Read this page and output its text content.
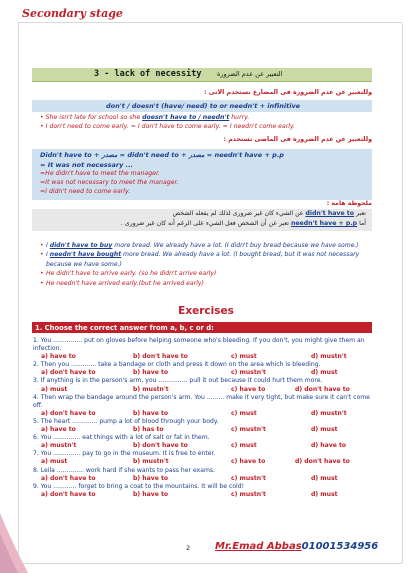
Secondary stage
3 - lack of necessity التعبير عن عدم الضرورة
وللتعبير عن عدم الضرورة فى المضارع نستخدم الاتى :
don't / doesn't (have/ need) to or needn't + infinitive
• She isn't late for school so she doesn't have to / needn't hurry.
• I don't need to come early. = I don't have to come early. = I needn't come early.
وللتعبير عن عدم الضرورة فى الماضى نستخدم :
Didn't have to + مصدر = didn't need to + مصدر = needn't have + p.p
= It was not necessary ...
≈He didn't have to meet the manager.
≈It was not necessary to meet the manager.
≈I didn't need to come early.
ملحوظة هامة :
تعبر didn't have to عن الشيء كان غير ضرورى لذلك لم يفعله الشخص
أما needn't have + p.p تعبر عن أن الشخص فعل الشيء على الرغم أنه كان غير ضرورى .
• I didn't have to buy more bread. We already have a lot. (I didn't buy bread because we have some.)
• I needn't have bought more bread. We already have a lot. (I bought bread, but it was not necessary because we have some.)
• He didn't have to arrive early. (so he didn't arrive early)
• He needn't have arrived early.(but he arrived early)
Exercises
1. Choose the correct answer from a, b, c or d:
1. You ............... put on gloves before helping someone who's bleeding. If you don't, you might give them an infection.
a) have to	b) don't have to	c) must	d) mustn't
2. Then you ............. take a bandage or cloth and press it down on the area which is bleeding.
a) don't have to	b) have to	c) mustn't	d) must
3. If anything is in the person's arm, you ............... pull it out because it could hurt them more.
a) must	b) mustn't	c) have to	d) don't have to
4. Then wrap the bandage around the person's arm. You ......... make it very tight, but make sure it can't come off.
a) don't have to	b) have to	c) must	d) mustn't
5. The heart ............. pump a lot of blood through your body.
a) have to	b) has to	c) mustn't	d) must
6. You .............. eat things with a lot of salt or fat in them.
a) mustn't	b) don't have to	c) must	d) have to
7. You .............. pay to go in the museum. It is free to enter.
a) must	b) mustn't	c) have to	d) don't have to
8. Leila .............. work hard if she wants to pass her exams.
a) don't have to	b) have to	c) mustn't	d) must
9. You ............ forget to bring a coat to the mountains. It will be cold!
a) don't have to	b) have to	c) mustn't	d) must
2 Mr.Emad Abbas01001534956
